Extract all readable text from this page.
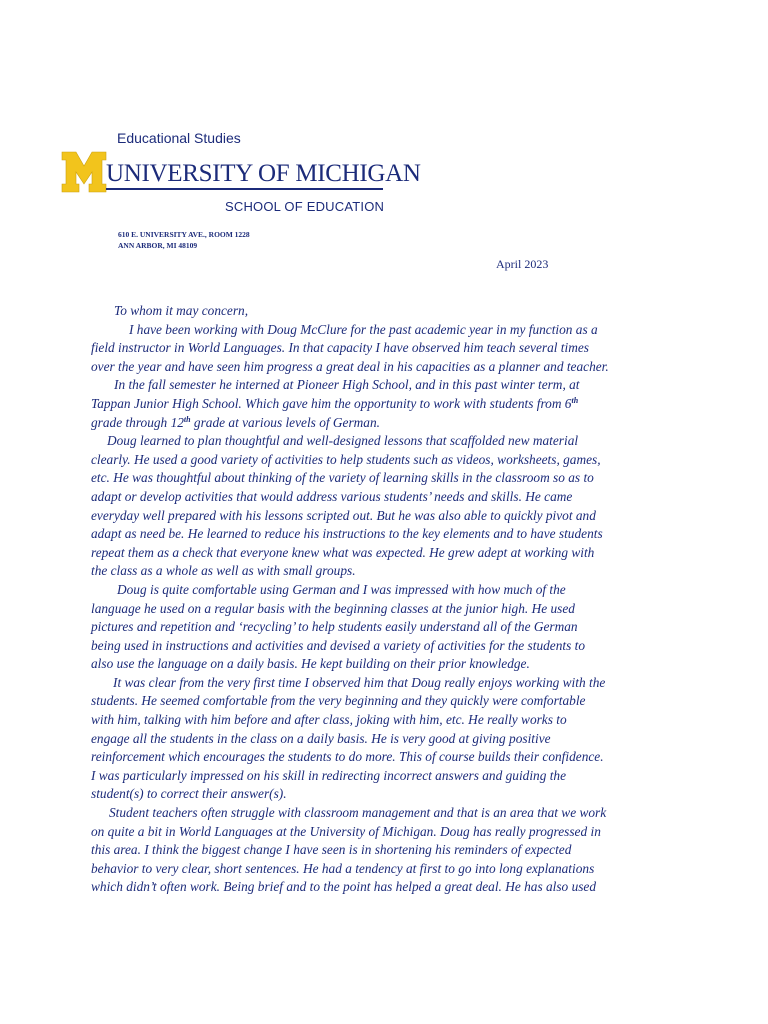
Educational Studies
UNIVERSITY OF MICHIGAN
SCHOOL OF EDUCATION
610 E. UNIVERSITY AVE., ROOM 1228
ANN ARBOR, MI 48109
April 2023
To whom it may concern,
I have been working with Doug McClure for the past academic year in my function as a
field instructor in World Languages. In that capacity I have observed him teach several times
over the year and have seen him progress a great deal in his capacities as a planner and teacher.
In the fall semester he interned at Pioneer High School, and in this past winter term, at
Tappan Junior High School. Which gave him the opportunity to work with students from 6th
grade through 12th grade at various levels of German.
Doug learned to plan thoughtful and well-designed lessons that scaffolded new material
clearly. He used a good variety of activities to help students such as videos, worksheets, games,
etc. He was thoughtful about thinking of the variety of learning skills in the classroom so as to
adapt or develop activities that would address various students’ needs and skills. He came
everyday well prepared with his lessons scripted out. But he was also able to quickly pivot and
adapt as need be. He learned to reduce his instructions to the key elements and to have students
repeat them as a check that everyone knew what was expected. He grew adept at working with
the class as a whole as well as with small groups.
Doug is quite comfortable using German and I was impressed with how much of the
language he used on a regular basis with the beginning classes at the junior high. He used
pictures and repetition and ‘recycling’ to help students easily understand all of the German
being used in instructions and activities and devised a variety of activities for the students to
also use the language on a daily basis. He kept building on their prior knowledge.
It was clear from the very first time I observed him that Doug really enjoys working with the
students. He seemed comfortable from the very beginning and they quickly were comfortable
with him, talking with him before and after class, joking with him, etc. He really works to
engage all the students in the class on a daily basis. He is very good at giving positive
reinforcement which encourages the students to do more. This of course builds their confidence.
I was particularly impressed on his skill in redirecting incorrect answers and guiding the
student(s) to correct their answer(s).
Student teachers often struggle with classroom management and that is an area that we work
on quite a bit in World Languages at the University of Michigan. Doug has really progressed in
this area. I think the biggest change I have seen is in shortening his reminders of expected
behavior to very clear, short sentences. He had a tendency at first to go into long explanations
which didn’t often work. Being brief and to the point has helped a great deal. He has also used
